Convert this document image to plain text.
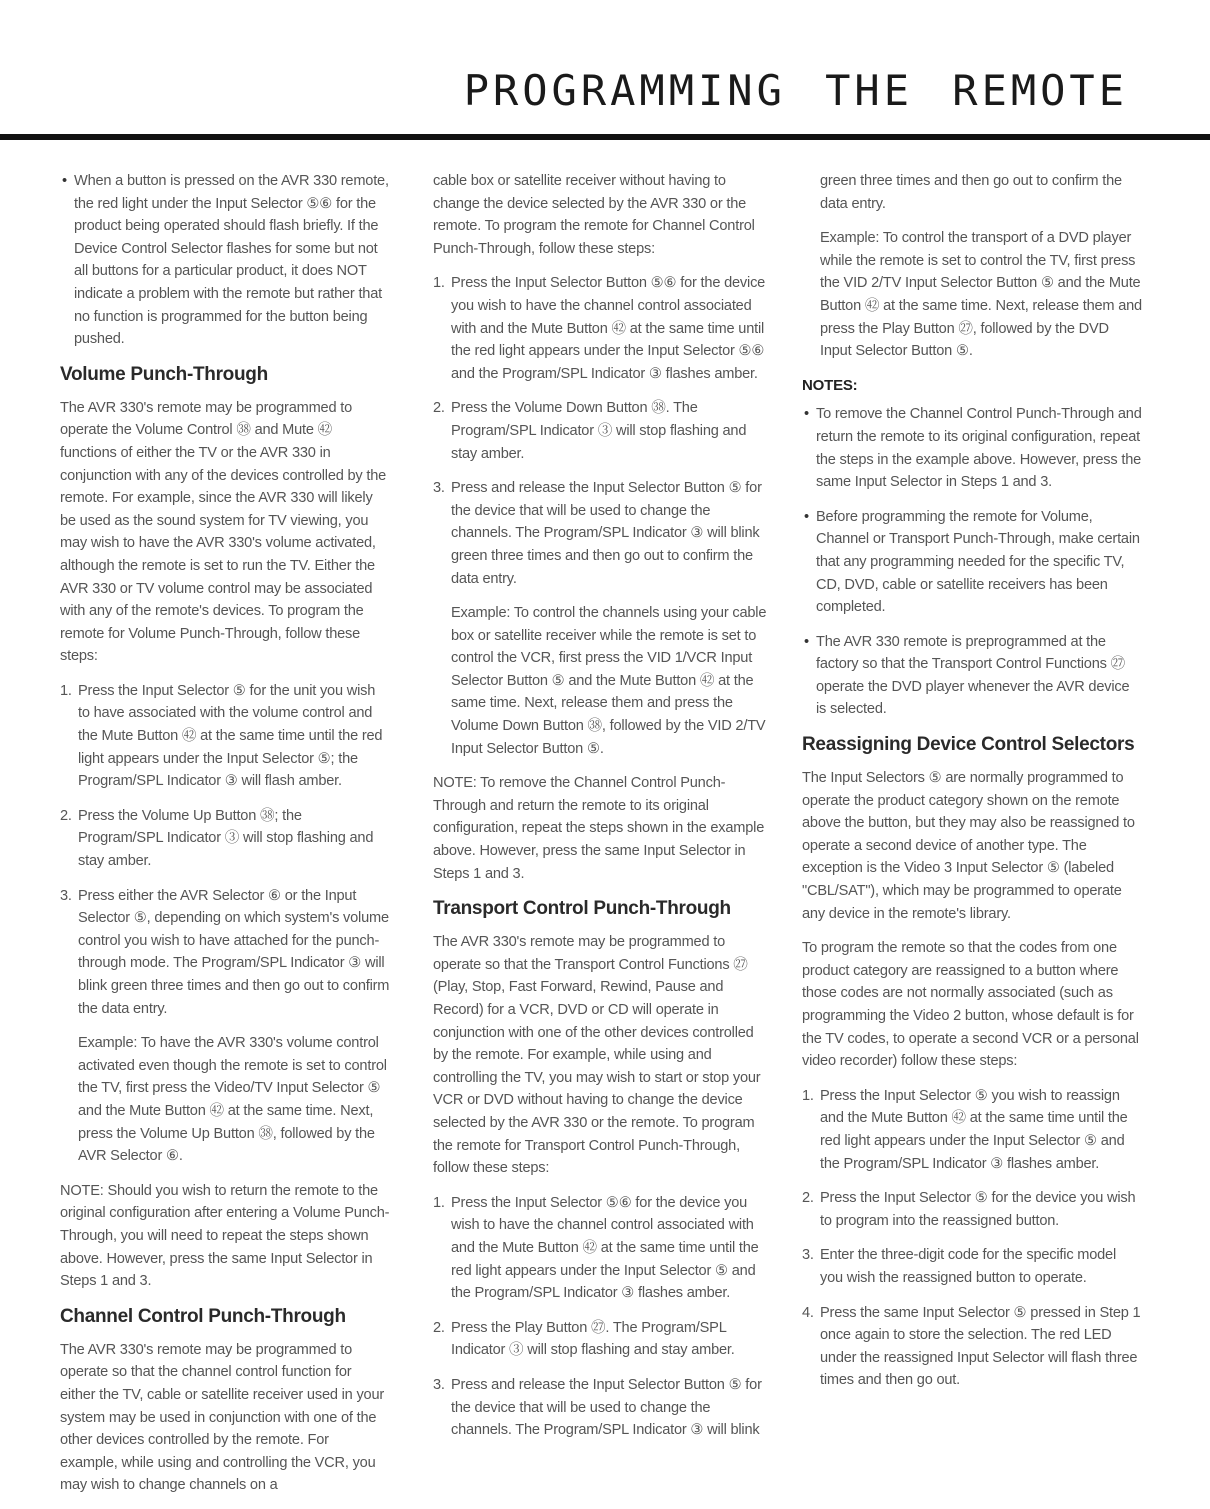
PROGRAMMING THE REMOTE
• When a button is pressed on the AVR 330 remote, the red light under the Input Selector ⑤⑥ for the product being operated should flash briefly. If the Device Control Selector flashes for some but not all buttons for a particular product, it does NOT indicate a problem with the remote but rather that no function is programmed for the button being pushed.
Volume Punch-Through

The AVR 330's remote may be programmed to operate the Volume Control ㊳ and Mute ㊷ functions of either the TV or the AVR 330 in conjunction with any of the devices controlled by the remote. For example, since the AVR 330 will likely be used as the sound system for TV viewing, you may wish to have the AVR 330's volume activated, although the remote is set to run the TV. Either the AVR 330 or TV volume control may be associated with any of the remote's devices. To program the remote for Volume Punch-Through, follow these steps:

1. Press the Input Selector ⑤ for the unit you wish to have associated with the volume control and the Mute Button ㊷ at the same time until the red light appears under the Input Selector ⑤; the Program/SPL Indicator ③ will flash amber.
2. Press the Volume Up Button ㊳; the Program/SPL Indicator ③ will stop flashing and stay amber.
3. Press either the AVR Selector ⑥ or the Input Selector ⑤, depending on which system's volume control you wish to have attached for the punch-through mode. The Program/SPL Indicator ③ will blink green three times and then go out to confirm the data entry.

Example: To have the AVR 330's volume control activated even though the remote is set to control the TV, first press the Video/TV Input Selector ⑤ and the Mute Button ㊷ at the same time. Next, press the Volume Up Button ㊳, followed by the AVR Selector ⑥.

NOTE: Should you wish to return the remote to the original configuration after entering a Volume Punch-Through, you will need to repeat the steps shown above. However, press the same Input Selector in Steps 1 and 3.

Channel Control Punch-Through

The AVR 330's remote may be programmed to operate so that the channel control function for either the TV, cable or satellite receiver used in your system may be used in conjunction with one of the other devices controlled by the remote. For example, while using and controlling the VCR, you may wish to change channels on a

cable box or satellite receiver without having to change the device selected by the AVR 330 or the remote. To program the remote for Channel Control Punch-Through, follow these steps:

1. Press the Input Selector Button ⑤⑥ for the device you wish to have the channel control associated with and the Mute Button ㊷ at the same time until the red light appears under the Input Selector ⑤⑥ and the Program/SPL Indicator ③ flashes amber.
2. Press the Volume Down Button ㊳. The Program/SPL Indicator ③ will stop flashing and stay amber.
3. Press and release the Input Selector Button ⑤ for the device that will be used to change the channels. The Program/SPL Indicator ③ will blink green three times and then go out to confirm the data entry.

Example: To control the channels using your cable box or satellite receiver while the remote is set to control the VCR, first press the VID 1/VCR Input Selector Button ⑤ and the Mute Button ㊷ at the same time. Next, release them and press the Volume Down Button ㊳, followed by the VID 2/TV Input Selector Button ⑤.

NOTE: To remove the Channel Control Punch-Through and return the remote to its original configuration, repeat the steps shown in the example above. However, press the same Input Selector in Steps 1 and 3.

Transport Control Punch-Through

The AVR 330's remote may be programmed to operate so that the Transport Control Functions ㉗ (Play, Stop, Fast Forward, Rewind, Pause and Record) for a VCR, DVD or CD will operate in conjunction with one of the other devices controlled by the remote. For example, while using and controlling the TV, you may wish to start or stop your VCR or DVD without having to change the device selected by the AVR 330 or the remote. To program the remote for Transport Control Punch-Through, follow these steps:

1. Press the Input Selector ⑤⑥ for the device you wish to have the channel control associated with and the Mute Button ㊷ at the same time until the red light appears under the Input Selector ⑤ and the Program/SPL Indicator ③ flashes amber.
2. Press the Play Button ㉗. The Program/SPL Indicator ③ will stop flashing and stay amber.
3. Press and release the Input Selector Button ⑤ for the device that will be used to change the channels. The Program/SPL Indicator ③ will blink

green three times and then go out to confirm the data entry.

Example: To control the transport of a DVD player while the remote is set to control the TV, first press the VID 2/TV Input Selector Button ⑤ and the Mute Button ㊷ at the same time. Next, release them and press the Play Button ㉗, followed by the DVD Input Selector Button ⑤.

NOTES:
• To remove the Channel Control Punch-Through and return the remote to its original configuration, repeat the steps in the example above. However, press the same Input Selector in Steps 1 and 3.
• Before programming the remote for Volume, Channel or Transport Punch-Through, make certain that any programming needed for the specific TV, CD, DVD, cable or satellite receivers has been completed.
• The AVR 330 remote is preprogrammed at the factory so that the Transport Control Functions ㉗ operate the DVD player whenever the AVR device is selected.
Reassigning Device Control Selectors

The Input Selectors ⑤ are normally programmed to operate the product category shown on the remote above the button, but they may also be reassigned to operate a second device of another type. The exception is the Video 3 Input Selector ⑤ (labeled "CBL/SAT"), which may be programmed to operate any device in the remote's library.

To program the remote so that the codes from one product category are reassigned to a button where those codes are not normally associated (such as programming the Video 2 button, whose default is for the TV codes, to operate a second VCR or a personal video recorder) follow these steps:

1. Press the Input Selector ⑤ you wish to reassign and the Mute Button ㊷ at the same time until the red light appears under the Input Selector ⑤ and the Program/SPL Indicator ③ flashes amber.
2. Press the Input Selector ⑤ for the device you wish to program into the reassigned button.
3. Enter the three-digit code for the specific model you wish the reassigned button to operate.
4. Press the same Input Selector ⑤ pressed in Step 1 once again to store the selection. The red LED under the reassigned Input Selector will flash three times and then go out.
